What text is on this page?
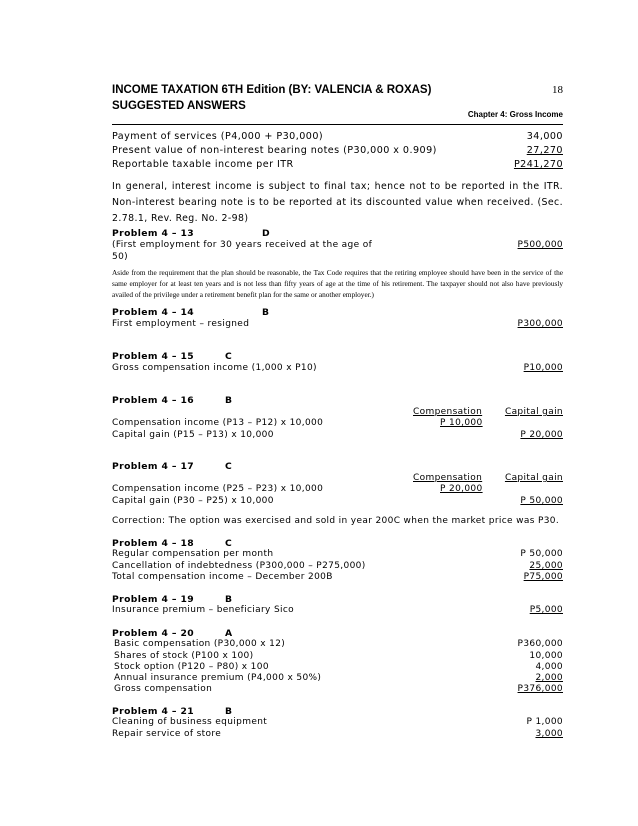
INCOME TAXATION 6TH Edition (BY: VALENCIA & ROXAS)
SUGGESTED ANSWERS
18
Chapter 4: Gross Income
Payment of services (P4,000 + P30,000)	34,000
Present value of non-interest bearing notes (P30,000 x 0.909)	27,270
Reportable taxable income per ITR	P241,270
In general, interest income is subject to final tax; hence not to be reported in the ITR. Non-interest bearing note is to be reported at its discounted value when received. (Sec. 2.78.1, Rev. Reg. No. 2-98)
Problem 4 – 13	D
(First employment for 30 years received at the age of	P500,000
50)
Aside from the requirement that the plan should be reasonable, the Tax Code requires that the retiring employee should have been in the service of the same employer for at least ten years and is not less than fifty years of age at the time of his retirement. The taxpayer should not also have previously availed of the privilege under a retirement benefit plan for the same or another employer.)
Problem 4 – 14	B
First employment – resigned	P300,000
Problem 4 – 15	C
Gross compensation income (1,000 x P10)	P10,000
Problem 4 – 16	B
Compensation	Capital gain
Compensation income (P13 – P12) x 10,000	P 10,000
Capital gain (P15 – P13) x 10,000	P 20,000
Problem 4 – 17	C
Compensation	Capital gain
Compensation income (P25 – P23) x 10,000	P 20,000
Capital gain (P30 – P25) x 10,000	P 50,000
Correction: The option was exercised and sold in year 200C when the market price was P30.
Problem 4 – 18	C
Regular compensation per month	P 50,000
Cancellation of indebtedness (P300,000 – P275,000)	25,000
Total compensation income – December 200B	P75,000
Problem 4 – 19	B
Insurance premium – beneficiary Sico	P5,000
Problem 4 – 20	A
Basic compensation (P30,000 x 12)	P360,000
Shares of stock (P100 x 100)	10,000
Stock option (P120 – P80) x 100	4,000
Annual insurance premium (P4,000 x 50%)	2,000
Gross compensation	P376,000
Problem 4 – 21	B
Cleaning of business equipment	P 1,000
Repair service of store	3,000
